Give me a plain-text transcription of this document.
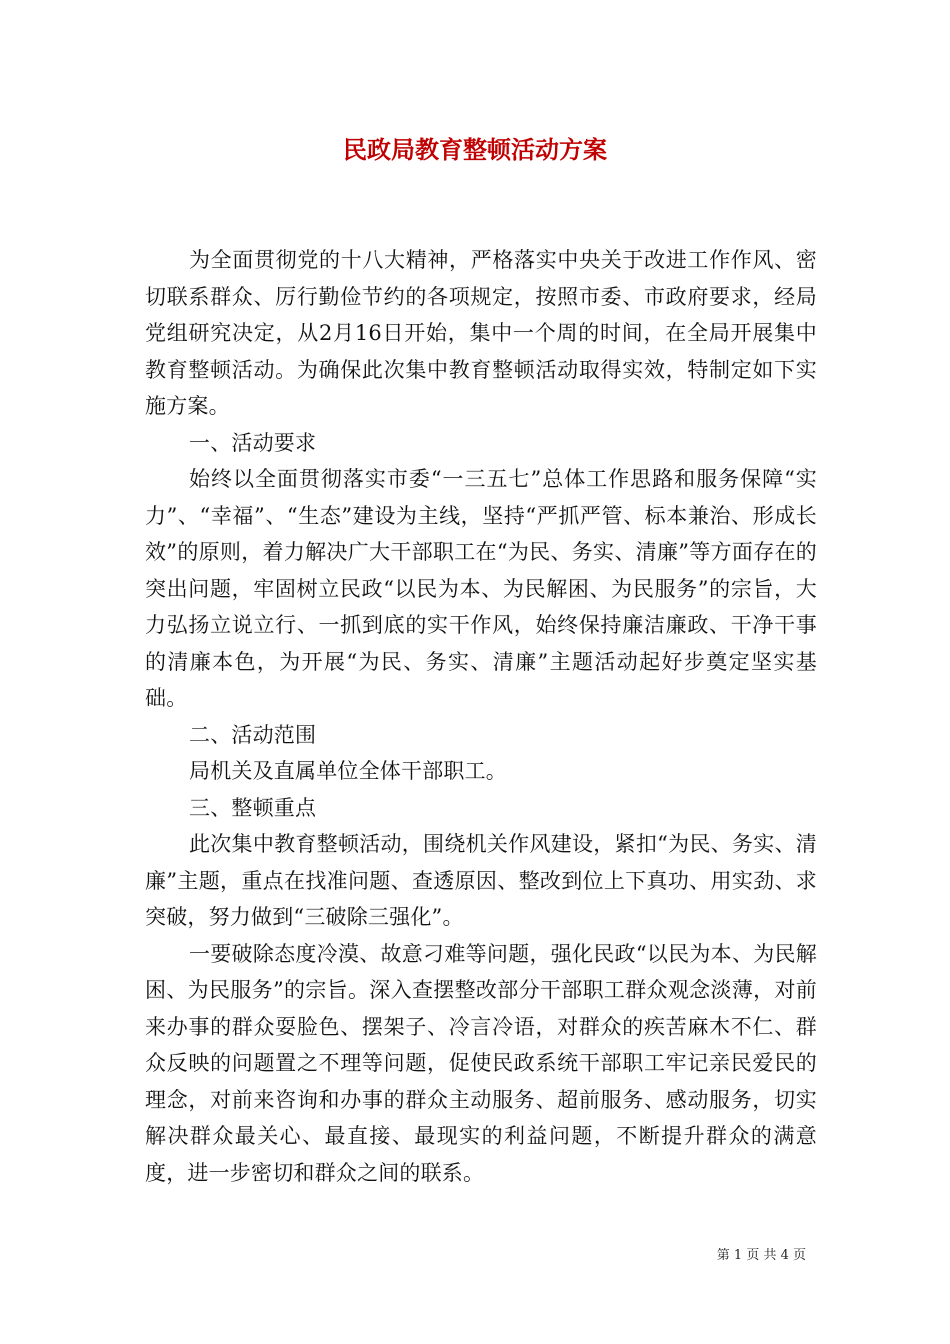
民政局教育整顿活动方案

为全面贯彻党的十八大精神，严格落实中央关于改进工作作风、密切联系群众、厉行勤俭节约的各项规定，按照市委、市政府要求，经局党组研究决定，从2月16日开始，集中一个周的时间，在全局开展集中教育整顿活动。为确保此次集中教育整顿活动取得实效，特制定如下实施方案。

一、活动要求

始终以全面贯彻落实市委“一三五七”总体工作思路和服务保障“实力”、“幸福”、“生态”建设为主线，坚持“严抓严管、标本兼治、形成长效”的原则，着力解决广大干部职工在“为民、务实、清廉”等方面存在的突出问题，牢固树立民政“以民为本、为民解困、为民服务”的宗旨，大力弘扬立说立行、一抓到底的实干作风，始终保持廉洁廉政、干净干事的清廉本色，为开展“为民、务实、清廉”主题活动起好步奠定坚实基础。

二、活动范围

局机关及直属单位全体干部职工。

三、整顿重点

此次集中教育整顿活动，围绕机关作风建设，紧扣“为民、务实、清廉”主题，重点在找准问题、查透原因、整改到位上下真功、用实劲、求突破，努力做到“三破除三强化”。

一要破除态度冷漠、故意刁难等问题，强化民政“以民为本、为民解困、为民服务”的宗旨。深入查摆整改部分干部职工群众观念淡薄，对前来办事的群众耍脸色、摆架子、冷言冷语，对群众的疾苦麻木不仁、群众反映的问题置之不理等问题，促使民政系统干部职工牢记亲民爱民的理念，对前来咨询和办事的群众主动服务、超前服务、感动服务，切实解决群众最关心、最直接、最现实的利益问题，不断提升群众的满意度，进一步密切和群众之间的联系。

第 1 页 共 4 页
